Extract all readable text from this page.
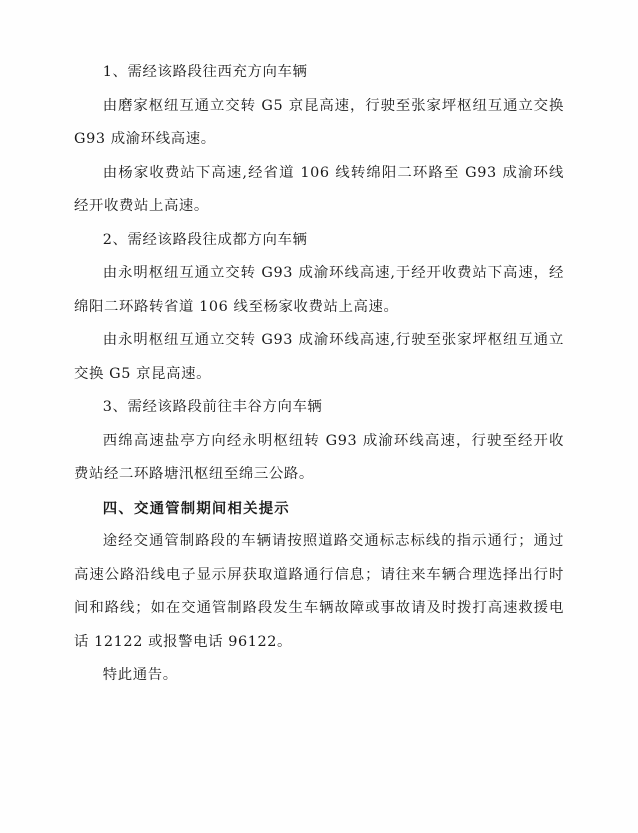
1、需经该路段往西充方向车辆

由磨家枢纽互通立交转 G5 京昆高速，行驶至张家坪枢纽互通立交换 G93 成渝环线高速。

由杨家收费站下高速,经省道 106 线转绵阳二环路至 G93 成渝环线经开收费站上高速。

2、需经该路段往成都方向车辆

由永明枢纽互通立交转 G93 成渝环线高速,于经开收费站下高速，经绵阳二环路转省道 106 线至杨家收费站上高速。

由永明枢纽互通立交转 G93 成渝环线高速,行驶至张家坪枢纽互通立交换 G5 京昆高速。

3、需经该路段前往丰谷方向车辆

西绵高速盐亭方向经永明枢纽转 G93 成渝环线高速，行驶至经开收费站经二环路塘汛枢纽至绵三公路。

四、交通管制期间相关提示

途经交通管制路段的车辆请按照道路交通标志标线的指示通行；通过高速公路沿线电子显示屏获取道路通行信息；请往来车辆合理选择出行时间和路线；如在交通管制路段发生车辆故障或事故请及时拨打高速救援电话 12122 或报警电话 96122。

特此通告。
